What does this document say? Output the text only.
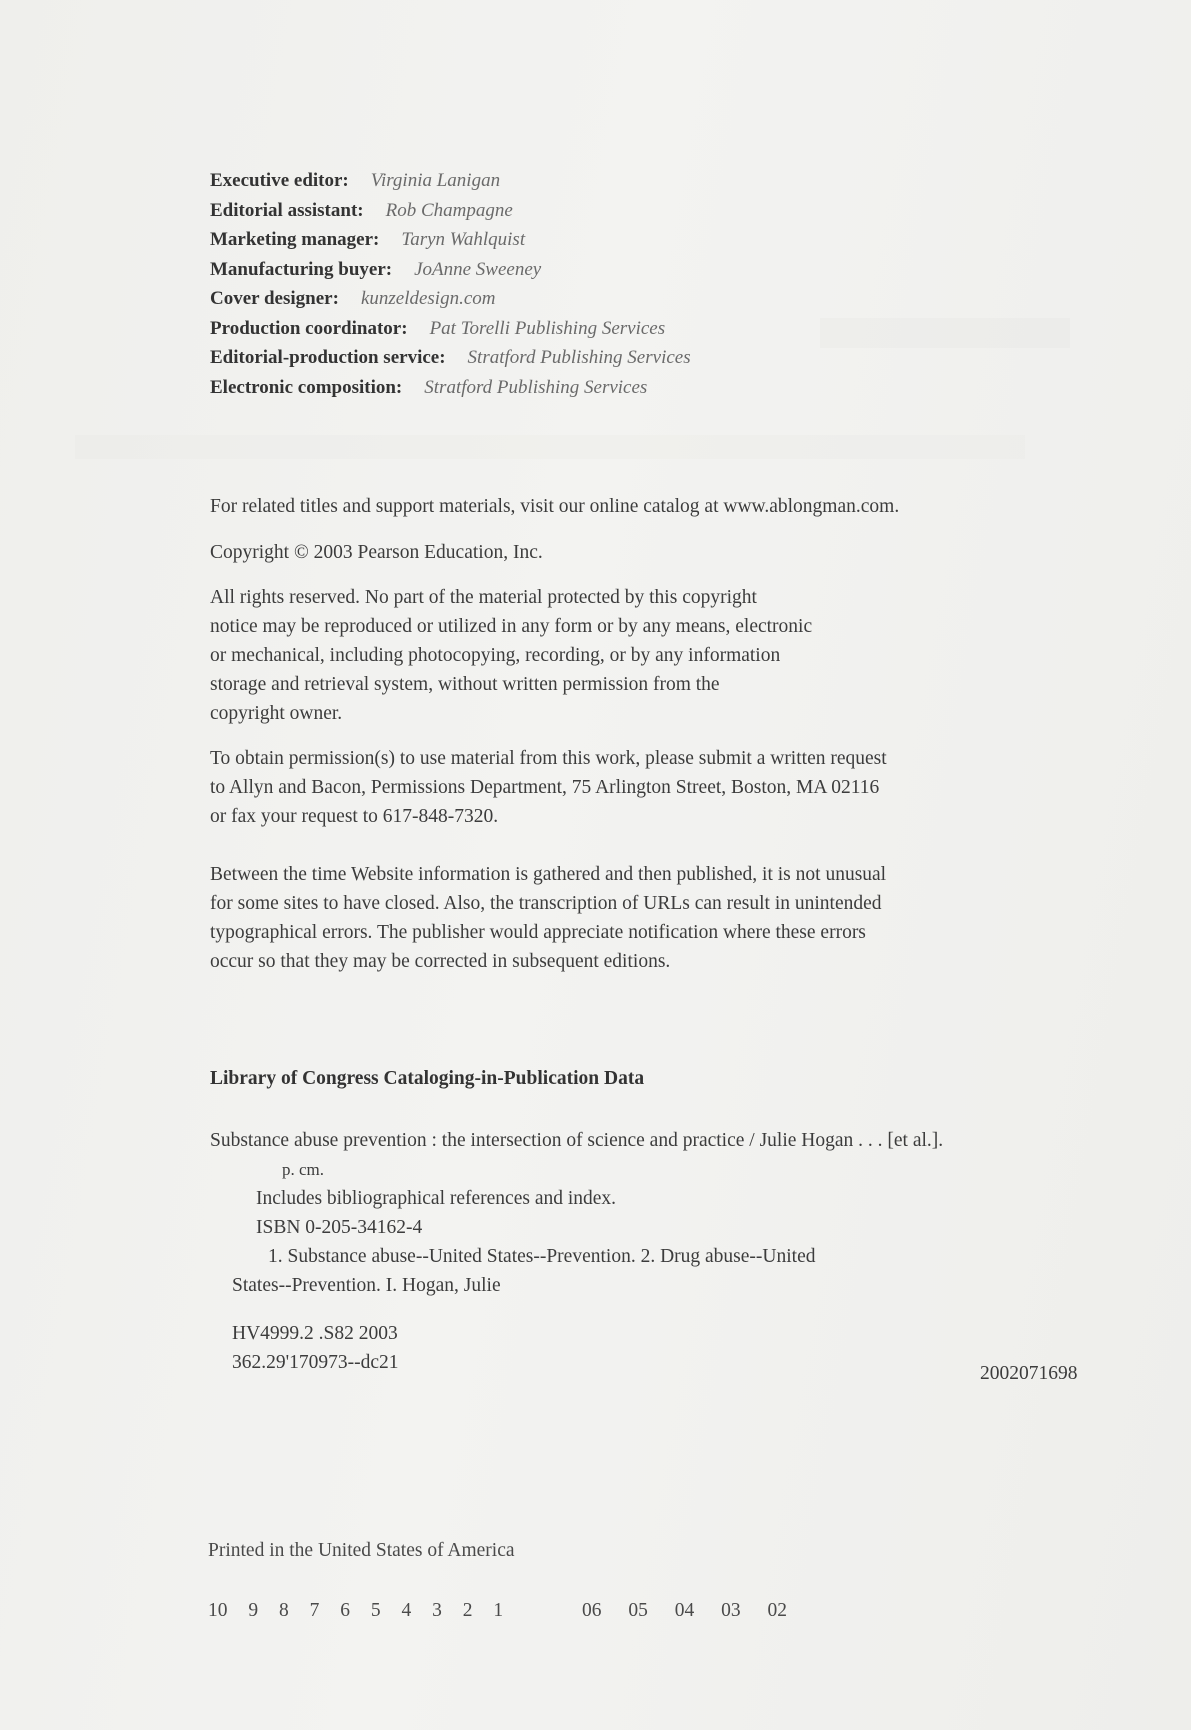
Executive editor: Virginia Lanigan
Editorial assistant: Rob Champagne
Marketing manager: Taryn Wahlquist
Manufacturing buyer: JoAnne Sweeney
Cover designer: kunzeldesign.com
Production coordinator: Pat Torelli Publishing Services
Editorial-production service: Stratford Publishing Services
Electronic composition: Stratford Publishing Services
For related titles and support materials, visit our online catalog at www.ablongman.com.
Copyright © 2003 Pearson Education, Inc.
All rights reserved. No part of the material protected by this copyright
notice may be reproduced or utilized in any form or by any means, electronic
or mechanical, including photocopying, recording, or by any information
storage and retrieval system, without written permission from the
copyright owner.
To obtain permission(s) to use material from this work, please submit a written request
to Allyn and Bacon, Permissions Department, 75 Arlington Street, Boston, MA 02116
or fax your request to 617-848-7320.
Between the time Website information is gathered and then published, it is not unusual
for some sites to have closed. Also, the transcription of URLs can result in unintended
typographical errors. The publisher would appreciate notification where these errors
occur so that they may be corrected in subsequent editions.
Library of Congress Cataloging-in-Publication Data
Substance abuse prevention : the intersection of science and practice / Julie Hogan . . . [et al.].
p. cm.
Includes bibliographical references and index.
ISBN 0-205-34162-4
1. Substance abuse--United States--Prevention. 2. Drug abuse--United
States--Prevention. I. Hogan, Julie
HV4999.2 .S82 2003
362.29'170973--dc21
2002071698
Printed in the United States of America
10 9 8 7 6 5 4 3 2 1	06 05 04 03 02
